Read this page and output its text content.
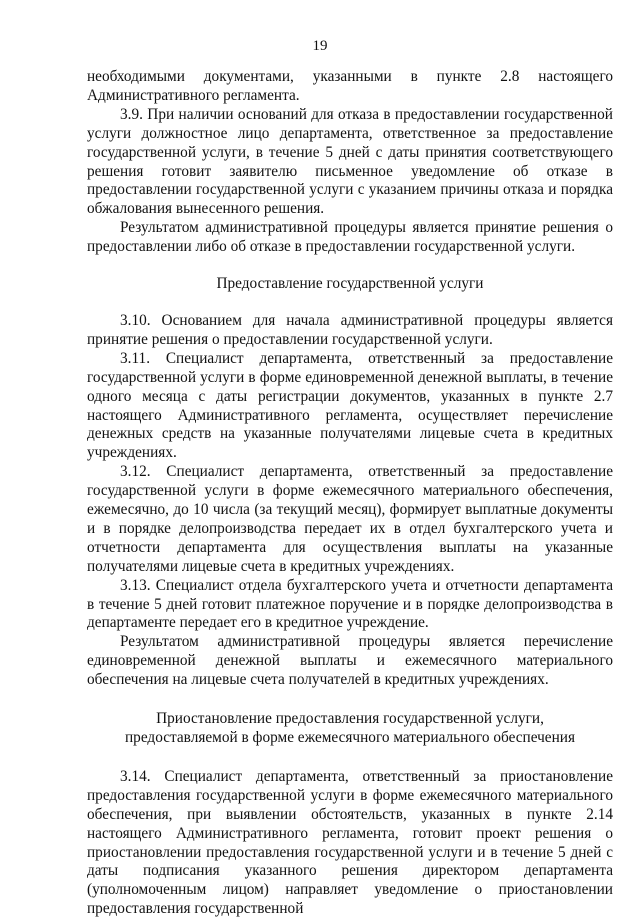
19

необходимыми документами, указанными в пункте 2.8 настоящего Административного регламента.

3.9. При наличии оснований для отказа в предоставлении государственной услуги должностное лицо департамента, ответственное за предоставление государственной услуги, в течение 5 дней с даты принятия соответствующего решения готовит заявителю письменное уведомление об отказе в предоставлении государственной услуги с указанием причины отказа и порядка обжалования вынесенного решения.

Результатом административной процедуры является принятие решения о предоставлении либо об отказе в предоставлении государственной услуги.

Предоставление государственной услуги

3.10. Основанием для начала административной процедуры является принятие решения о предоставлении государственной услуги.

3.11. Специалист департамента, ответственный за предоставление государственной услуги в форме единовременной денежной выплаты, в течение одного месяца с даты регистрации документов, указанных в пункте 2.7 настоящего Административного регламента, осуществляет перечисление денежных средств на указанные получателями лицевые счета в кредитных учреждениях.

3.12. Специалист департамента, ответственный за предоставление государственной услуги в форме ежемесячного материального обеспечения, ежемесячно, до 10 числа (за текущий месяц), формирует выплатные документы и в порядке делопроизводства передает их в отдел бухгалтерского учета и отчетности департамента для осуществления выплаты на указанные получателями лицевые счета в кредитных учреждениях.

3.13. Специалист отдела бухгалтерского учета и отчетности департамента в течение 5 дней готовит платежное поручение и в порядке делопроизводства в департаменте передает его в кредитное учреждение.

Результатом административной процедуры является перечисление единовременной денежной выплаты и ежемесячного материального обеспечения на лицевые счета получателей в кредитных учреждениях.

Приостановление предоставления государственной услуги,

предоставляемой в форме ежемесячного материального обеспечения

3.14. Специалист департамента, ответственный за приостановление предоставления государственной услуги в форме ежемесячного материального обеспечения, при выявлении обстоятельств, указанных в пункте 2.14 настоящего Административного регламента, готовит проект решения о приостановлении предоставления государственной услуги и в течение 5 дней с даты подписания указанного решения директором департамента (уполномоченным лицом) направляет уведомление о приостановлении предоставления государственной
